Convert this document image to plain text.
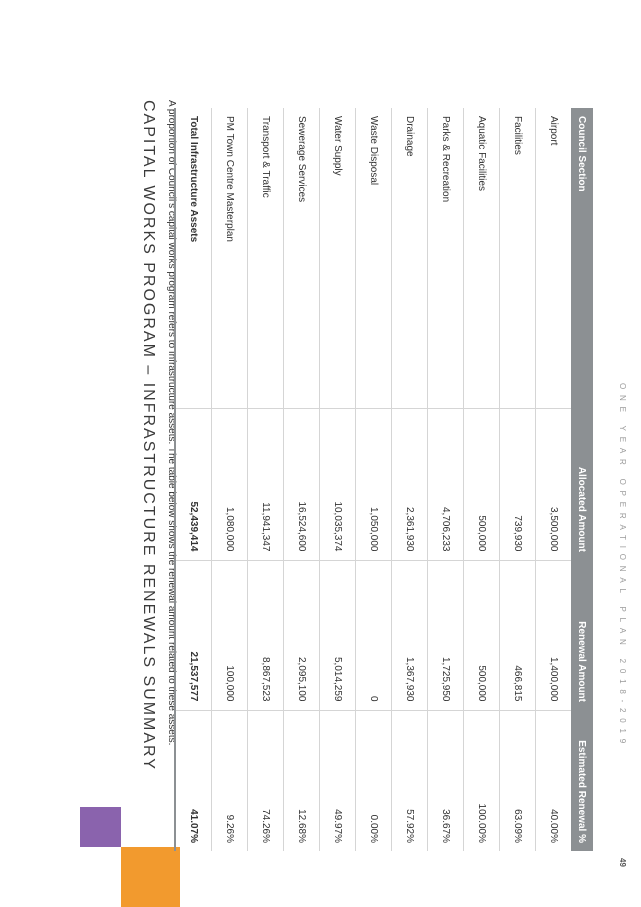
CAPITAL WORKS PROGRAM – INFRASTRUCTURE RENEWALS SUMMARY A proportion of Council's capital works program refers to Infrastructure assets. The table below shows the renewal amount related to these assets.	Council Section	Allocated Amount	Renewal Amount	Estimated Renewal %
Airport	3,500,000	1,400,000	40.00%
Facilities	739,930	466,815	63.09%
Aquatic Facilities	500,000	500,000	100.00%
Parks & Recreation	4,706,233	1,725,950	36.67%
Drainage	2,361,930	1,367,930	57.92%
Waste Disposal	1,050,000	0	0.00%
Water Supply	10,035,374	5,014,259	49.97%
Sewerage Services	16,524,600	2,095,100	12.68%
Transport & Traffic	11,941,347	8,867,523	74.26%
PM Town Centre Masterplan	1,080,000	100,000	9.26%
Total Infrastructure Assets	52,439,414	21,537,577	41.07%
ONE YEAR OPERATIONAL PLAN 2018-2019
49
